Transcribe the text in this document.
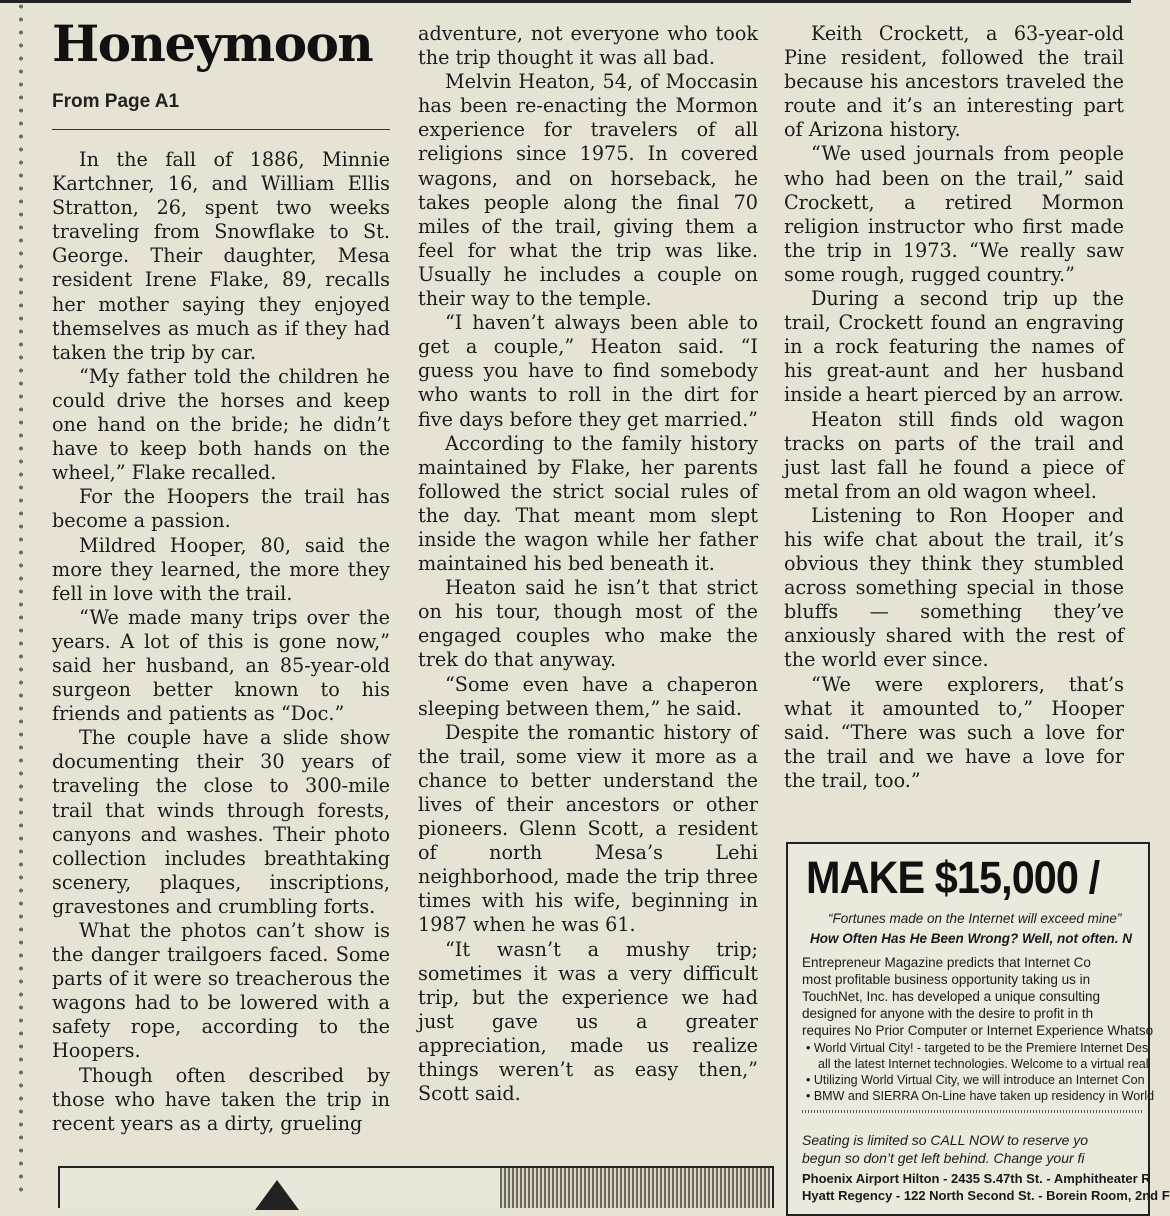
Honeymoon
From Page A1

In the fall of 1886, Minnie Kartchner, 16, and William Ellis Stratton, 26, spent two weeks traveling from Snowflake to St. George. Their daughter, Mesa resident Irene Flake, 89, recalls her mother saying they enjoyed themselves as much as if they had taken the trip by car.

“My father told the children he could drive the horses and keep one hand on the bride; he didn’t have to keep both hands on the wheel,” Flake recalled.

For the Hoopers the trail has become a passion.

Mildred Hooper, 80, said the more they learned, the more they fell in love with the trail.

“We made many trips over the years. A lot of this is gone now,” said her husband, an 85-year-old surgeon better known to his friends and patients as “Doc.”

The couple have a slide show documenting their 30 years of traveling the close to 300-mile trail that winds through forests, canyons and washes. Their photo collection includes breathtaking scenery, plaques, inscriptions, gravestones and crumbling forts.

What the photos can’t show is the danger trailgoers faced. Some parts of it were so treacherous the wagons had to be lowered with a safety rope, according to the Hoopers.

Though often described by those who have taken the trip in recent years as a dirty, grueling

adventure, not everyone who took the trip thought it was all bad.

Melvin Heaton, 54, of Moccasin has been re-enacting the Mormon experience for travelers of all religions since 1975. In covered wagons, and on horseback, he takes people along the final 70 miles of the trail, giving them a feel for what the trip was like. Usually he includes a couple on their way to the temple.

“I haven’t always been able to get a couple,” Heaton said. “I guess you have to find somebody who wants to roll in the dirt for five days before they get married.”

According to the family history maintained by Flake, her parents followed the strict social rules of the day. That meant mom slept inside the wagon while her father maintained his bed beneath it.

Heaton said he isn’t that strict on his tour, though most of the engaged couples who make the trek do that anyway.

“Some even have a chaperon sleeping between them,” he said.

Despite the romantic history of the trail, some view it more as a chance to better understand the lives of their ancestors or other pioneers. Glenn Scott, a resident of north Mesa’s Lehi neighborhood, made the trip three times with his wife, beginning in 1987 when he was 61.

“It wasn’t a mushy trip; sometimes it was a very difficult trip, but the experience we had just gave us a greater appreciation, made us realize things weren’t as easy then,” Scott said.

Keith Crockett, a 63-year-old Pine resident, followed the trail because his ancestors traveled the route and it’s an interesting part of Arizona history.

“We used journals from people who had been on the trail,” said Crockett, a retired Mormon religion instructor who first made the trip in 1973. “We really saw some rough, rugged country.”

During a second trip up the trail, Crockett found an engraving in a rock featuring the names of his great-aunt and her husband inside a heart pierced by an arrow.

Heaton still finds old wagon tracks on parts of the trail and just last fall he found a piece of metal from an old wagon wheel.

Listening to Ron Hooper and his wife chat about the trail, it’s obvious they think they stumbled across something special in those bluffs — something they’ve anxiously shared with the rest of the world ever since.

“We were explorers, that’s what it amounted to,” Hooper said. “There was such a love for the trail and we have a love for the trail, too.”

MAKE $15,000 /
“Fortunes made on the Internet will exceed mine”
How Often Has He Been Wrong? Well, not often. N
Entrepreneur Magazine predicts that Internet Co
most profitable business opportunity taking us in
TouchNet, Inc. has developed a unique consulting
designed for anyone with the desire to profit in th
requires No Prior Computer or Internet Experience Whatso
• World Virtual City! - targeted to be the Premiere Internet Des
all the latest Internet technologies. Welcome to a virtual real
• Utilizing World Virtual City, we will introduce an Internet Con
• BMW and SIERRA On-Line have taken up residency in World
Seating is limited so CALL NOW to reserve yo
begun so don’t get left behind. Change your fi
Phoenix Airport Hilton - 2435 S.47th St. - Amphitheater R
Hyatt Regency - 122 North Second St. - Borein Room, 2nd F
